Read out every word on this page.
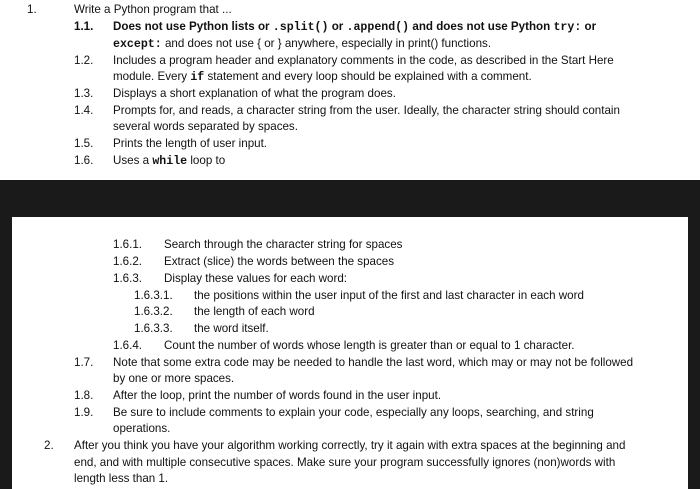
1.	Write a Python program that ...
1.1. Does not use Python lists or .split() or .append() and does not use Python try: or
except: and does not use { or } anywhere, especially in print() functions.
1.2. Includes a program header and explanatory comments in the code, as described in the Start Here
module. Every if statement and every loop should be explained with a comment.
1.3. Displays a short explanation of what the program does.
1.4. Prompts for, and reads, a character string from the user. Ideally, the character string should contain
several words separated by spaces.
1.5. Prints the length of user input.
1.6. Uses a while loop to
1.6.1. Search through the character string for spaces
1.6.2. Extract (slice) the words between the spaces
1.6.3. Display these values for each word:
1.6.3.1. the positions within the user input of the first and last character in each word
1.6.3.2. the length of each word
1.6.3.3. the word itself.
1.6.4. Count the number of words whose length is greater than or equal to 1 character.
1.7. Note that some extra code may be needed to handle the last word, which may or may not be followed
by one or more spaces.
1.8. After the loop, print the number of words found in the user input.
1.9. Be sure to include comments to explain your code, especially any loops, searching, and string
operations.
2. After you think you have your algorithm working correctly, try it again with extra spaces at the beginning and
end, and with multiple consecutive spaces. Make sure your program successfully ignores (non)words with
length less than 1.
